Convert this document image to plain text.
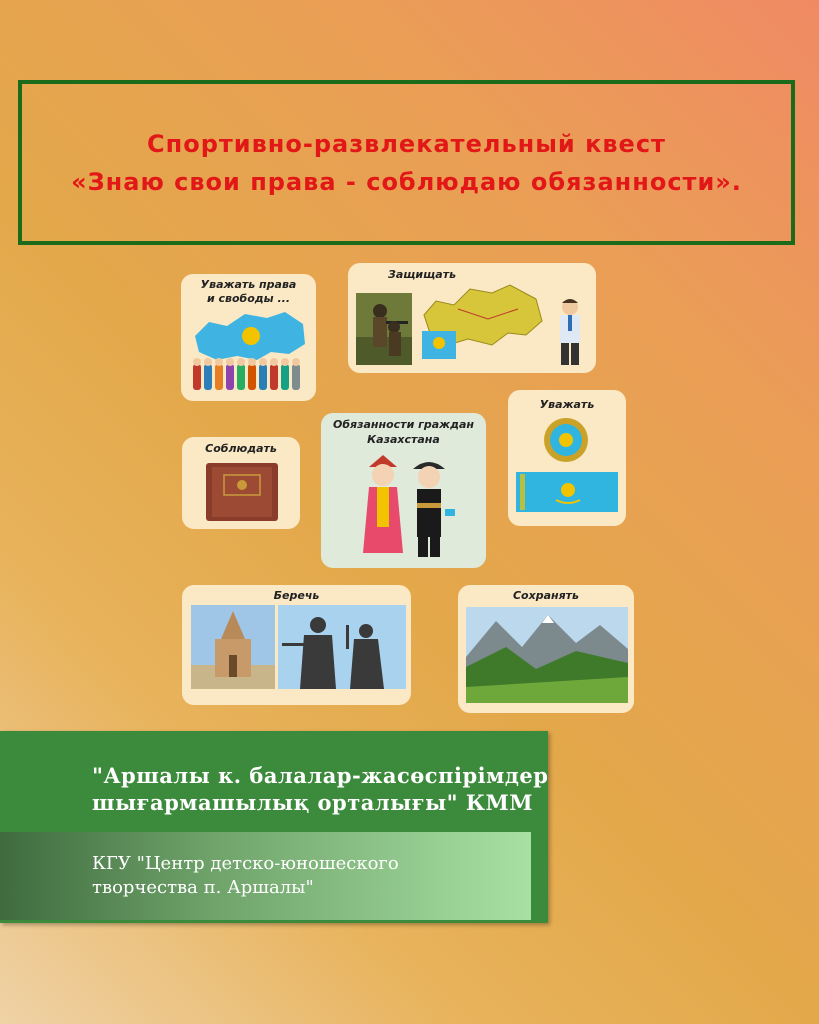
Спортивно-развлекательный квест
«Знаю свои права - соблюдаю обязанности».
Уважать права
и свободы ...
Защищать
Уважать
Соблюдать
Обязанности граждан
Казахстана
Беречь	Сохранять
"Аршалы к. балалар-жасөспірімдер
шығармашылық орталығы" КММ
КГУ "Центр детско-юношеского
творчества п. Аршалы"
